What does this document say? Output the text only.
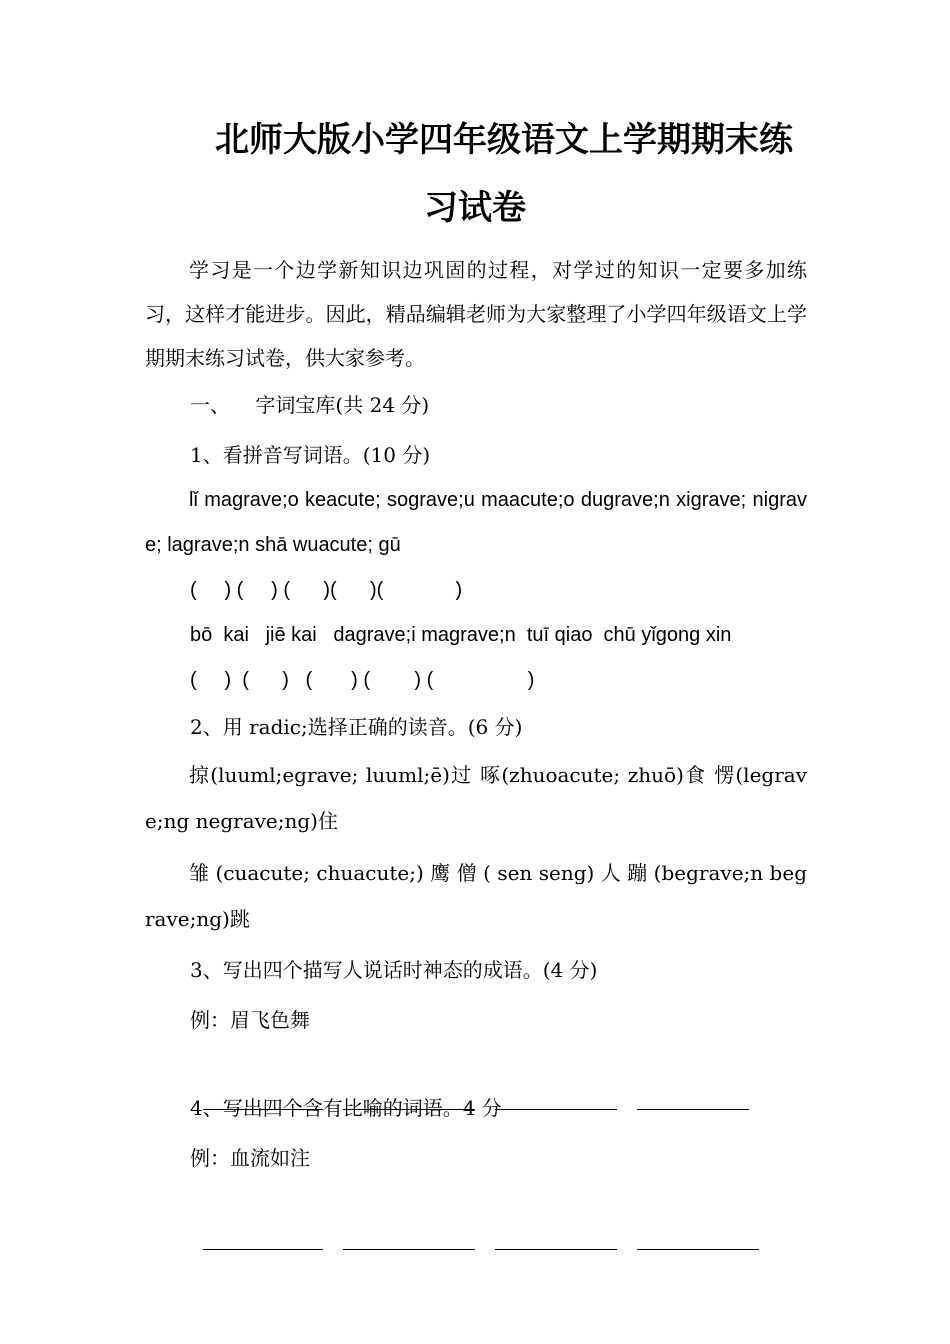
北师大版小学四年级语文上学期期末练
习试卷

学习是一个边学新知识边巩固的过程，对学过的知识一定要多加练习，这样才能进步。因此，精品编辑老师为大家整理了小学四年级语文上学期期末练习试卷，供大家参考。

一、    字词宝库(共 24 分)

1、看拼音写词语。(10 分)

lǐ magrave;o keacute; sograve;u maacute;o dugrave;n xigrave; nigrave; lagrave;n shā wuacute; gū

(     ) (     ) (      )(      )(             )

bō  kai   jiē kai   dagrave;i magrave;n  tuī qiao  chū yǐgong xin

(     )  (      )   (       ) (        ) (                 )

2、用 radic;选择正确的读音。(6 分)

掠(luuml;egrave; luuml;ē)过 啄(zhuoacute; zhuō)食 愣(legrave;ng negrave;ng)住

雏 (cuacute; chuacute;) 鹰 僧 ( sen seng) 人 蹦 (begrave;n begrave;ng)跳

3、写出四个描写人说话时神态的成语。(4 分)

例：眉飞色舞

4、写出四个含有比喻的词语。4 分

例：血流如注
